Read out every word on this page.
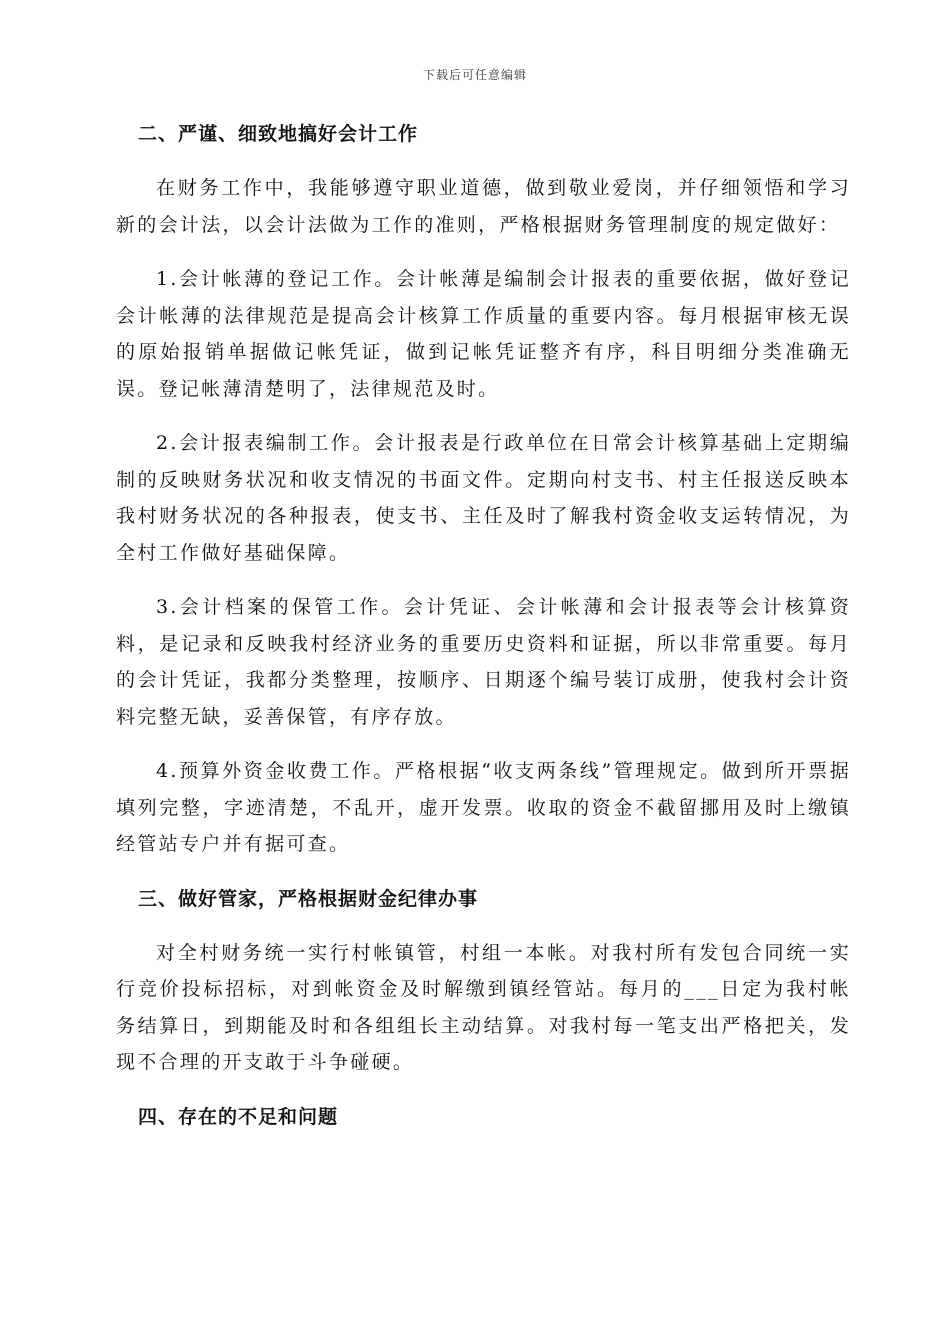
下载后可任意编辑
二、严谨、细致地搞好会计工作

在财务工作中，我能够遵守职业道德，做到敬业爱岗，并仔细领悟和学习新的会计法，以会计法做为工作的准则，严格根据财务管理制度的规定做好：

1.会计帐薄的登记工作。会计帐薄是编制会计报表的重要依据，做好登记会计帐薄的法律规范是提高会计核算工作质量的重要内容。每月根据审核无误的原始报销单据做记帐凭证，做到记帐凭证整齐有序，科目明细分类准确无误。登记帐薄清楚明了，法律规范及时。

2.会计报表编制工作。会计报表是行政单位在日常会计核算基础上定期编制的反映财务状况和收支情况的书面文件。定期向村支书、村主任报送反映本我村财务状况的各种报表，使支书、主任及时了解我村资金收支运转情况，为全村工作做好基础保障。

3.会计档案的保管工作。会计凭证、会计帐薄和会计报表等会计核算资料，是记录和反映我村经济业务的重要历史资料和证据，所以非常重要。每月的会计凭证，我都分类整理，按顺序、日期逐个编号装订成册，使我村会计资料完整无缺，妥善保管，有序存放。

4.预算外资金收费工作。严格根据“收支两条线”管理规定。做到所开票据填列完整，字迹清楚，不乱开，虚开发票。收取的资金不截留挪用及时上缴镇经管站专户并有据可查。

三、做好管家，严格根据财金纪律办事

对全村财务统一实行村帐镇管，村组一本帐。对我村所有发包合同统一实行竞价投标招标，对到帐资金及时解缴到镇经管站。每月的___日定为我村帐务结算日，到期能及时和各组组长主动结算。对我村每一笔支出严格把关，发现不合理的开支敢于斗争碰硬。

四、存在的不足和问题
